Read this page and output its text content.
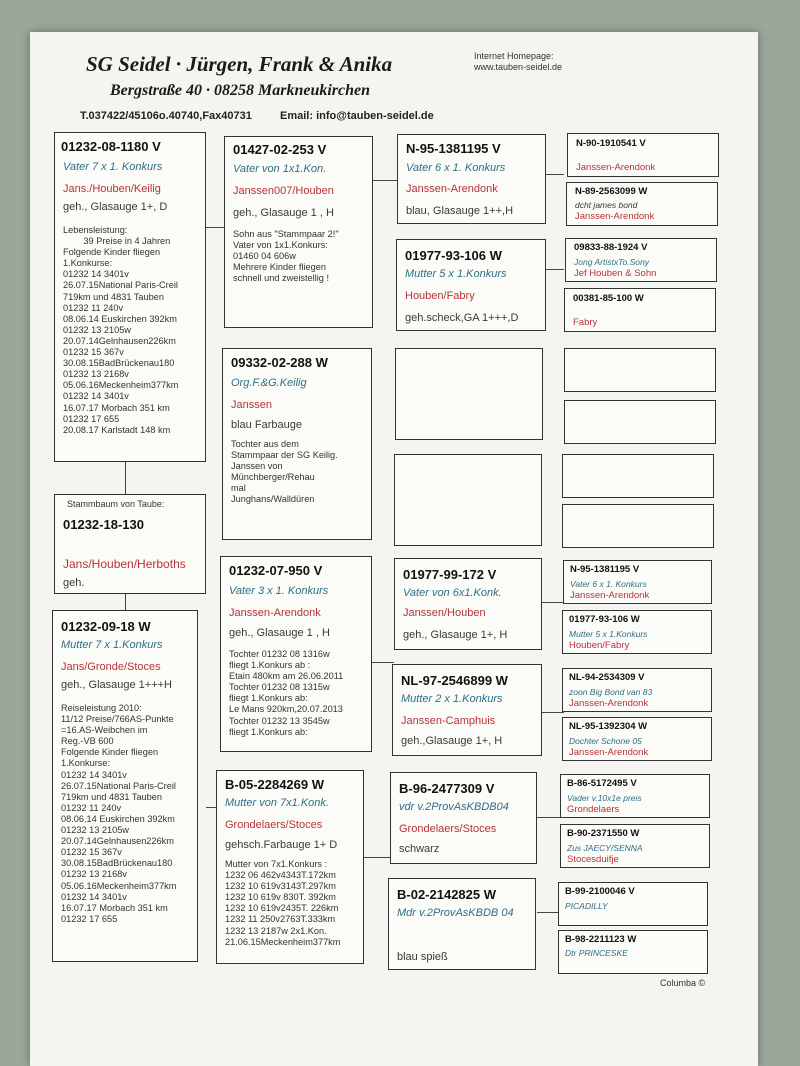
SG Seidel · Jürgen, Frank & Anika
Bergstraße 40 · 08258 Markneukirchen
T.037422/45106o.40740,Fax40731	Email: info@tauben-seidel.de
Internet Homepage:
www.tauben-seidel.de
01232-08-1180 V
Vater 7 x 1. Konkurs
Jans./Houben/Keilig
geh., Glasauge 1+, D
Lebensleistung:
39 Preise in 4 Jahren
Folgende Kinder fliegen
1.Konkurse:
01232 14 3401v
26.07.15National Paris-Creil
719km und 4831 Tauben
01232 11 240v
08.06.14 Euskirchen 392km
01232 13 2105w
20.07.14Gelnhausen226km
01232 15 367v
30.08.15BadBrückenau180
01232 13 2168v
05.06.16Meckenheim377km
01232 14 3401v
16.07.17 Morbach 351 km
01232 17 655
20.08.17 Karlstadt 148 km
Stammbaum von Taube:
01232-18-130
Jans/Houben/Herboths
geh.
01232-09-18 W
Mutter 7 x 1.Konkurs
Jans/Gronde/Stoces
geh., Glasauge 1+++H
Reiseleistung 2010:
11/12 Preise/766AS-Punkte
=16.AS-Weibchen im
Reg.-VB 600
Folgende Kinder fliegen
1.Konkurse:
01232 14 3401v
26.07.15National Paris-Creil
719km und 4831 Tauben
01232 11 240v
08.06.14 Euskirchen 392km
01232 13 2105w
20.07.14Gelnhausen226km
01232 15 367v
30.08.15BadBrückenau180
01232 13 2168v
05.06.16Meckenheim377km
01232 14 3401v
16.07.17 Morbach 351 km
01232 17 655
01427-02-253 V
Vater von 1x1.Kon.
Janssen007/Houben
geh., Glasauge 1 , H
Sohn aus "Stammpaar 2!"
Vater von 1x1.Konkurs:
01460 04 606w
Mehrere Kinder fliegen
schnell und zweistellig !
09332-02-288 W
Org.F.&G.Keilig
Janssen
blau Farbauge
Tochter aus dem
Stammpaar der SG Keilig.
Janssen von
Münchberger/Rehau
mal
Junghans/Walldüren
01232-07-950 V
Vater 3 x 1. Konkurs
Janssen-Arendonk
geh., Glasauge 1 , H
Tochter 01232 08 1316w
fliegt 1.Konkurs ab :
Etain 480km am 26.06.2011
Tochter 01232 08 1315w
fliegt 1.Konkurs ab:
Le Mans 920km,20.07.2013
Tochter 01232 13 3545w
fliegt 1.Konkurs ab:
B-05-2284269 W
Mutter von 7x1.Konk.
Grondelaers/Stoces
gehsch.Farbauge 1+ D
Mutter von 7x1.Konkurs :
1232 06 462v4343T.172km
1232 10 619v3143T.297km
1232 10 619v 830T. 392km
1232 10 619v2435T. 226km
1232 11 250v2763T.333km
1232 13 2187w 2x1.Kon.
21.06.15Meckenheim377km
N-95-1381195 V
Vater 6 x 1. Konkurs
Janssen-Arendonk
blau, Glasauge 1++,H
01977-93-106 W
Mutter 5 x 1.Konkurs
Houben/Fabry
geh.scheck,GA 1+++,D
01977-99-172 V
Vater von 6x1.Konk.
Janssen/Houben
geh., Glasauge 1+, H
NL-97-2546899 W
Mutter 2 x 1.Konkurs
Janssen-Camphuis
geh.,Glasauge 1+, H
B-96-2477309 V
vdr v.2ProvAsKBDB04
Grondelaers/Stoces
schwarz
B-02-2142825 W
Mdr v.2ProvAsKBDB 04
blau spieß
N-90-1910541 V
Janssen-Arendonk
N-89-2563099 W
dcht james bond
Janssen-Arendonk
09833-88-1924 V
Jong ArtistxTo.Sony
Jef Houben & Sohn
00381-85-100 W
Fabry
N-95-1381195 V
Vater 6 x 1. Konkurs
Janssen-Arendonk
01977-93-106 W
Mutter 5 x 1.Konkurs
Houben/Fabry
NL-94-2534309 V
zoon Big Bond van 83
Janssen-Arendonk
NL-95-1392304 W
Dochter Schone 05
Janssen-Arendonk
B-86-5172495 V
Vader v.10x1e preis
Grondelaers
B-90-2371550 W
Zus JAECY/SENNA
Stocesduifje
B-99-2100046 V
PICADILLY
B-98-2211123 W
Dtr PRINCESKE
Columba ©
